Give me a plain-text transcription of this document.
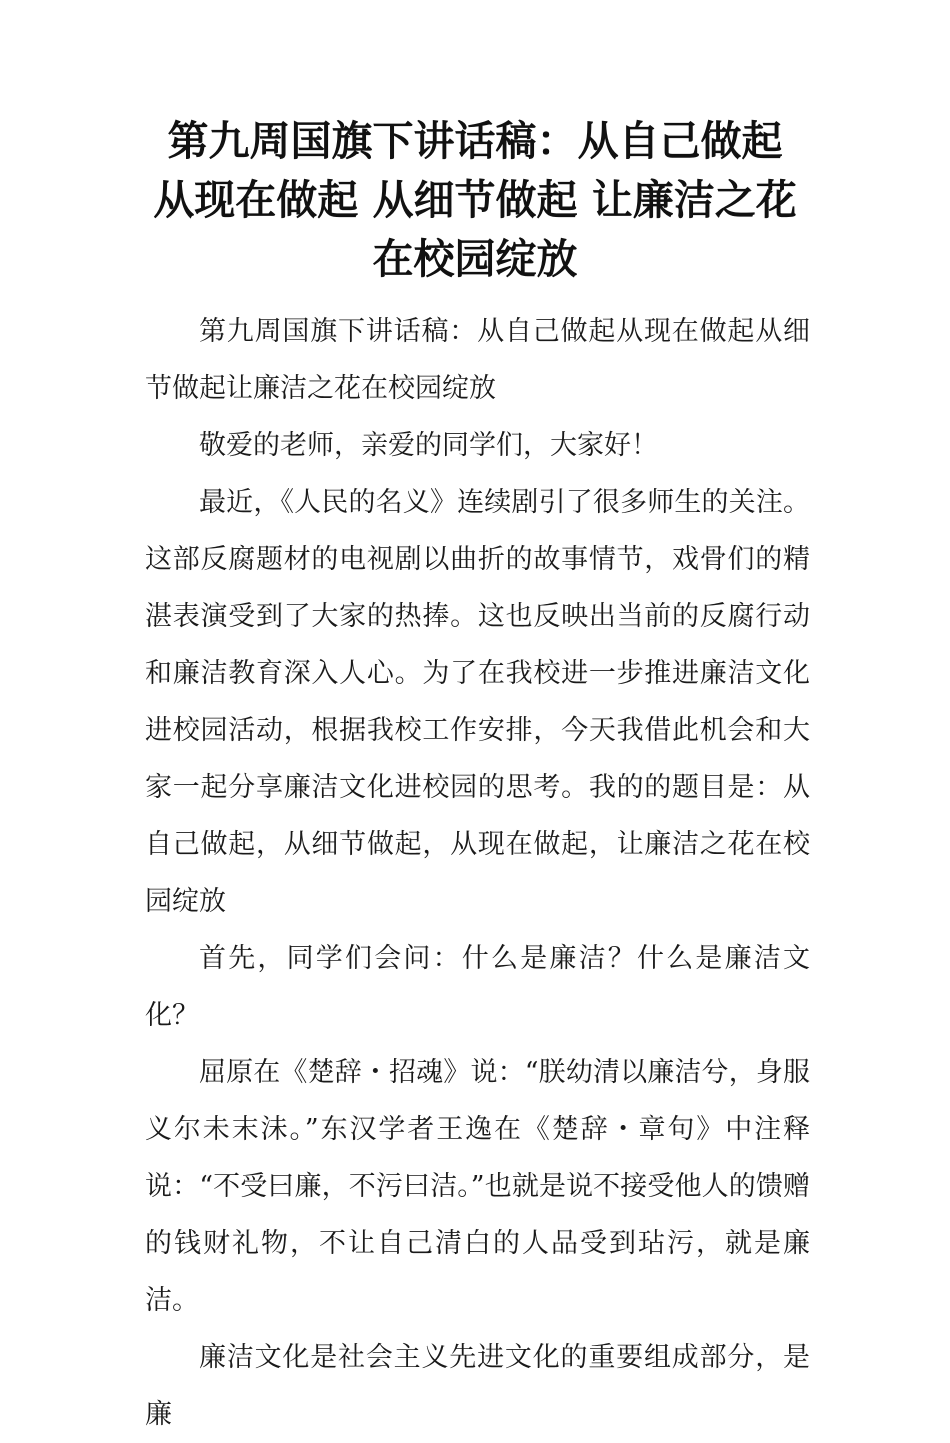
第九周国旗下讲话稿：从自己做起 从现在做起 从细节做起 让廉洁之花在校园绽放

第九周国旗下讲话稿：从自己做起从现在做起从细节做起让廉洁之花在校园绽放

敬爱的老师，亲爱的同学们，大家好！

最近，《人民的名义》连续剧引了很多师生的关注。这部反腐题材的电视剧以曲折的故事情节，戏骨们的精湛表演受到了大家的热捧。这也反映出当前的反腐行动和廉洁教育深入人心。为了在我校进一步推进廉洁文化进校园活动，根据我校工作安排，今天我借此机会和大家一起分享廉洁文化进校园的思考。我的的题目是：从自己做起，从细节做起，从现在做起，让廉洁之花在校园绽放

首先，同学们会问：什么是廉洁？什么是廉洁文化？

屈原在《楚辞・招魂》说：“朕幼清以廉洁兮，身服义尔未末沬。”东汉学者王逸在《楚辞・章句》中注释说：“不受曰廉，不污曰洁。”也就是说不接受他人的馈赠的钱财礼物，不让自己清白的人品受到玷污，就是廉洁。

廉洁文化是社会主义先进文化的重要组成部分，是廉
